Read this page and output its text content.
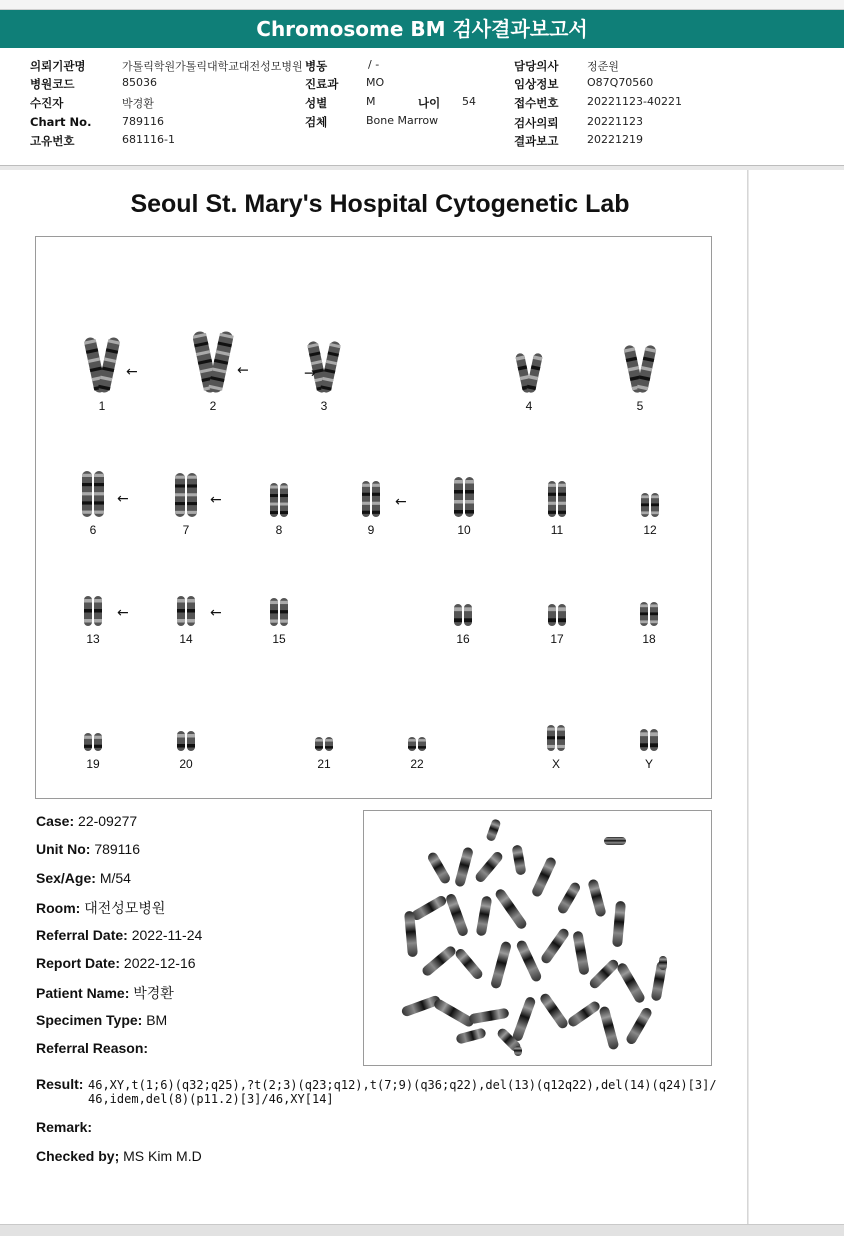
Chromosome BM 검사결과보고서
의뢰기관명	가톨릭학원가톨릭대학교대전성모병원 병동	/ -	담당의사	정준원
병원코드	85036	진료과	MO	임상정보	O87Q70560
수진자	박경환	성별	M	나이 54	접수번호	20221123-40221
Chart No.	789116	검체	Bone Marrow	검사의뢰	20221123
고유번호	681116-1	결과보고	20221219
Seoul St. Mary's Hospital Cytogenetic Lab
←
1
←
2
→
3	4	5
←
6
←
7	8
←
9	10	11	12
←
13
←
14	15	16	17	18
19	20	21	22	X	Y
Case: 22-09277
Unit No: 789116
Sex/Age: M/54
Room: 대전성모병원
Referral Date: 2022-11-24
Report Date: 2022-12-16
Patient Name: 박경환
Specimen Type: BM
Referral Reason:
Result: 46,XY,t(1;6)(q32;q25),?t(2;3)(q23;q12),t(7;9)(q36;q22),del(13)(q12q22),del(14)(q24)[3]/
46,idem,del(8)(p11.2)[3]/46,XY[14]
Remark:
Checked by; MS Kim M.D
